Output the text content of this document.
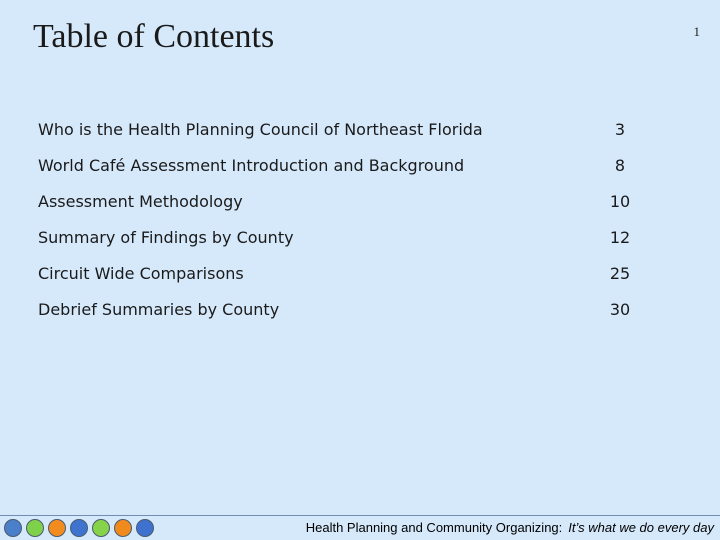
Table of Contents	1
Who is the Health Planning Council of Northeast Florida	3
World Café Assessment Introduction and Background	8
Assessment Methodology	10
Summary of Findings by County	12
Circuit Wide Comparisons	25
Debrief Summaries by County	30
Health Planning and Community Organizing: It’s what we do every day
